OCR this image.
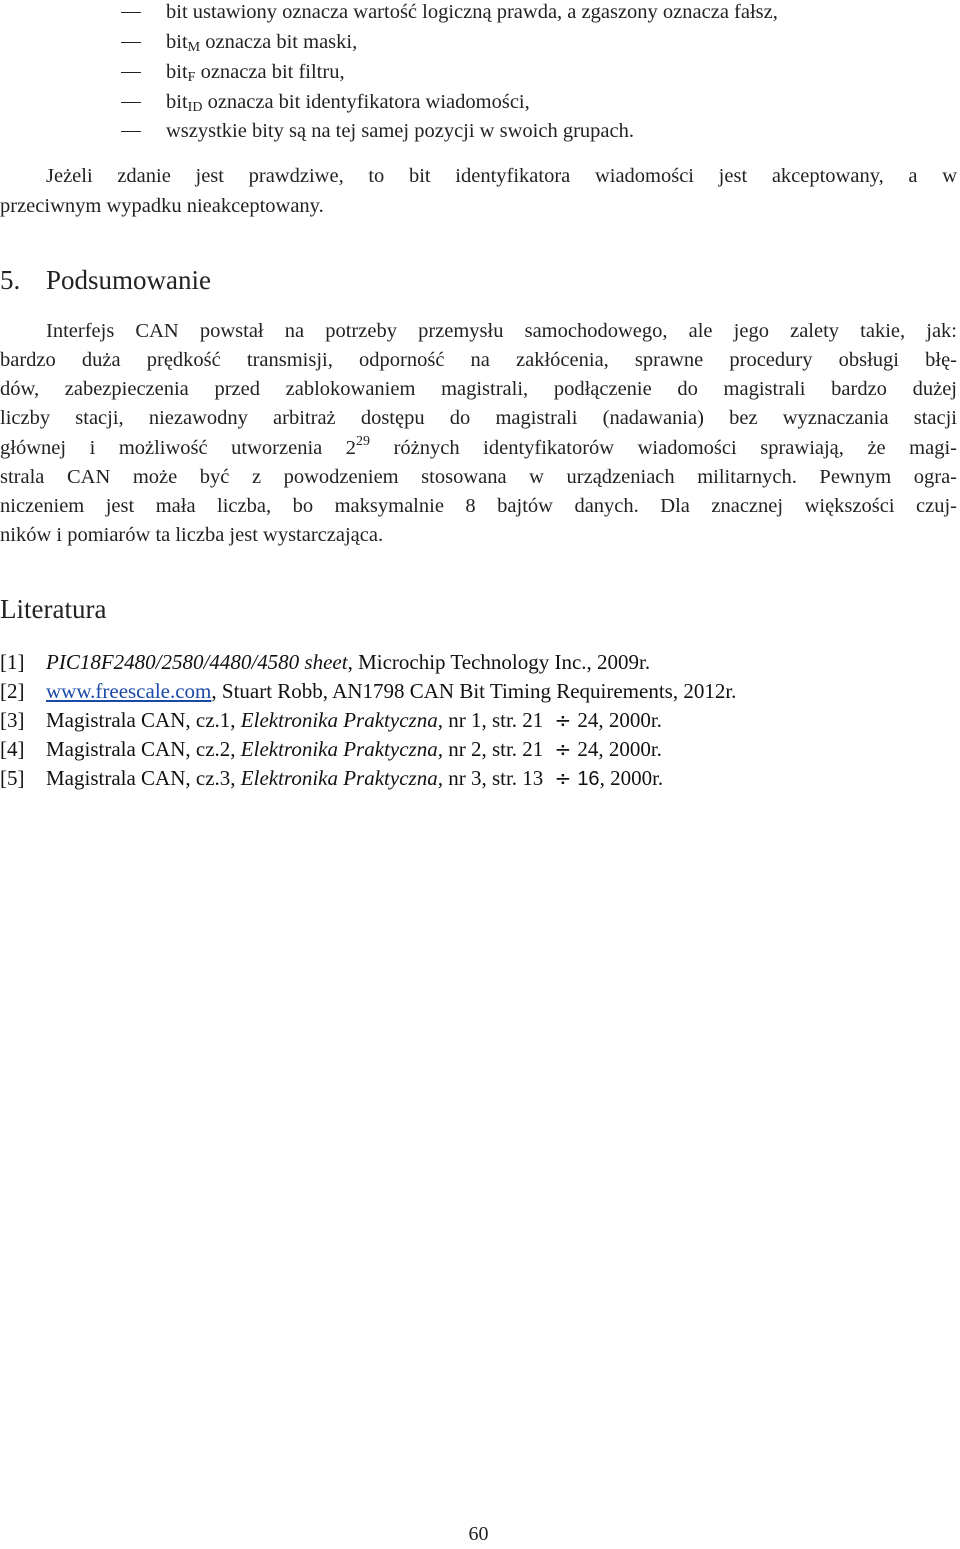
bit ustawiony oznacza wartość logiczną prawda, a zgaszony oznacza fałsz,
bit$_M$ oznacza bit maski,
bit$_F$ oznacza bit filtru,
bit$_{ID}$ oznacza bit identyfikatora wiadomości,
wszystkie bity są na tej samej pozycji w swoich grupach.
Jeżeli zdanie jest prawdziwe, to bit identyfikatora wiadomości jest akceptowany, a w
przeciwnym wypadku nieakceptowany.
5. Podsumowanie
Interfejs CAN powstał na potrzeby przemysłu samochodowego, ale jego zalety takie, jak:
bardzo duża prędkość transmisji, odporność na zakłócenia, sprawne procedury obsługi błę-
dów, zabezpieczenia przed zablokowaniem magistrali, podłączenie do magistrali bardzo dużej
liczby stacji, niezawodny arbitraż dostępu do magistrali (nadawania) bez wyznaczania stacji
głównej i możliwość utworzenia $2^{29}$ różnych identyfikatorów wiadomości sprawiają, że magi-
strala CAN może być z powodzeniem stosowana w urządzeniach militarnych. Pewnym ogra-
niczeniem jest mała liczba, bo maksymalnie 8 bajtów danych. Dla znacznej większości czuj-
ników i pomiarów ta liczba jest wystarczająca.
Literatura
[1] PIC18F2480/2580/4480/4580 sheet, Microchip Technology Inc., 2009r.
[2] www.freescale.com, Stuart Robb, AN1798 CAN Bit Timing Requirements, 2012r.
[3] Magistrala CAN, cz.1, Elektronika Praktyczna, nr 1, str. 21 ÷ 24, 2000r.
[4] Magistrala CAN, cz.2, Elektronika Praktyczna, nr 2, str. 21 ÷ 24, 2000r.
[5] Magistrala CAN, cz.3, Elektronika Praktyczna, nr 3, str. 13 ÷ 16, 2000r.
60
